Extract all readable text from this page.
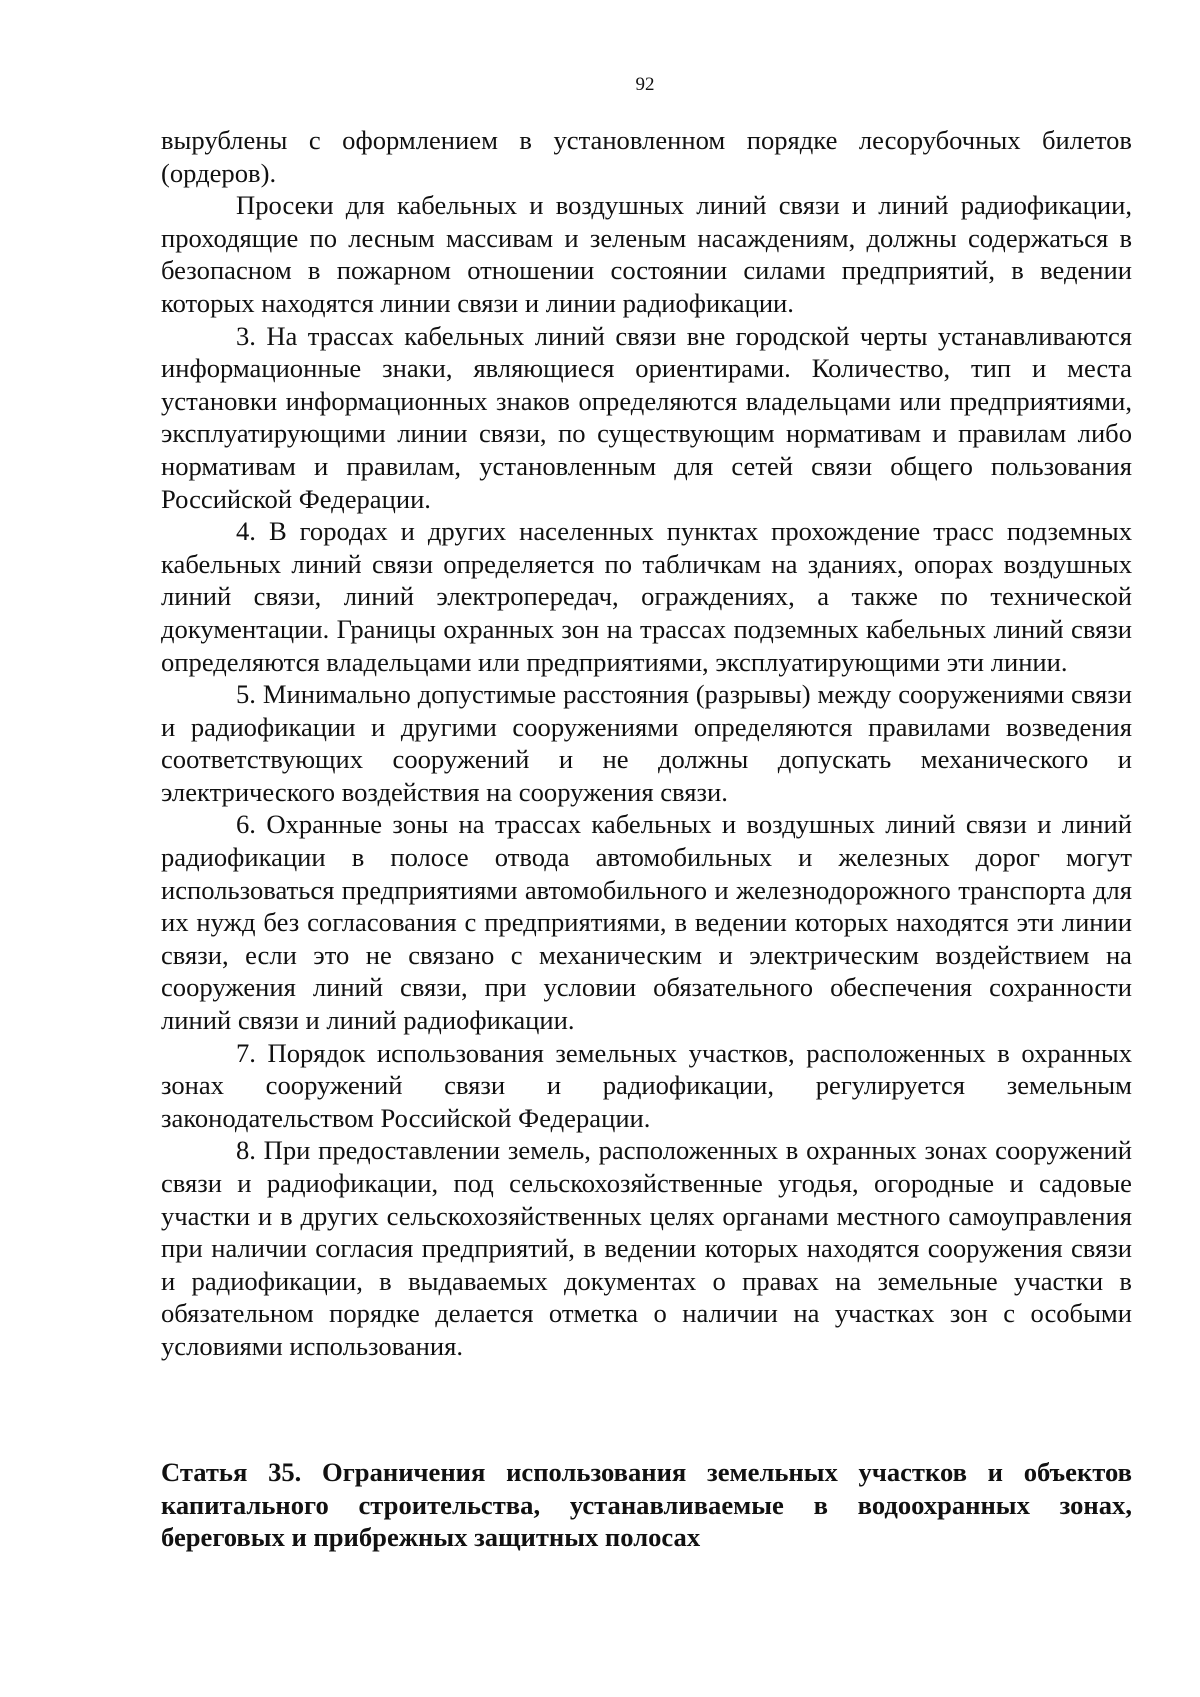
92

вырублены с оформлением в установленном порядке лесорубочных билетов (ордеров).

Просеки для кабельных и воздушных линий связи и линий радиофикации, проходящие по лесным массивам и зеленым насаждениям, должны содержаться в безопасном в пожарном отношении состоянии силами предприятий, в ведении которых находятся линии связи и линии радиофикации.

3. На трассах кабельных линий связи вне городской черты устанавливаются информационные знаки, являющиеся ориентирами. Количество, тип и места установки информационных знаков определяются владельцами или предприятиями, эксплуатирующими линии связи, по существующим нормативам и правилам либо нормативам и правилам, установленным для сетей связи общего пользования Российской Федерации.

4. В городах и других населенных пунктах прохождение трасс подземных кабельных линий связи определяется по табличкам на зданиях, опорах воздушных линий связи, линий электропередач, ограждениях, а также по технической документации. Границы охранных зон на трассах подземных кабельных линий связи определяются владельцами или предприятиями, эксплуатирующими эти линии.

5. Минимально допустимые расстояния (разрывы) между сооружениями связи и радиофикации и другими сооружениями определяются правилами возведения соответствующих сооружений и не должны допускать механического и электрического воздействия на сооружения связи.

6. Охранные зоны на трассах кабельных и воздушных линий связи и линий радиофикации в полосе отвода автомобильных и железных дорог могут использоваться предприятиями автомобильного и железнодорожного транспорта для их нужд без согласования с предприятиями, в ведении которых находятся эти линии связи, если это не связано с механическим и электрическим воздействием на сооружения линий связи, при условии обязательного обеспечения сохранности линий связи и линий радиофикации.

7. Порядок использования земельных участков, расположенных в охранных зонах сооружений связи и радиофикации, регулируется земельным законодательством Российской Федерации.

8. При предоставлении земель, расположенных в охранных зонах сооружений связи и радиофикации, под сельскохозяйственные угодья, огородные и садовые участки и в других сельскохозяйственных целях органами местного самоуправления при наличии согласия предприятий, в ведении которых находятся сооружения связи и радиофикации, в выдаваемых документах о правах на земельные участки в обязательном порядке делается отметка о наличии на участках зон с особыми условиями использования.

Статья 35. Ограничения использования земельных участков и объектов капитального строительства, устанавливаемые в водоохранных зонах, береговых и прибрежных защитных полосах
